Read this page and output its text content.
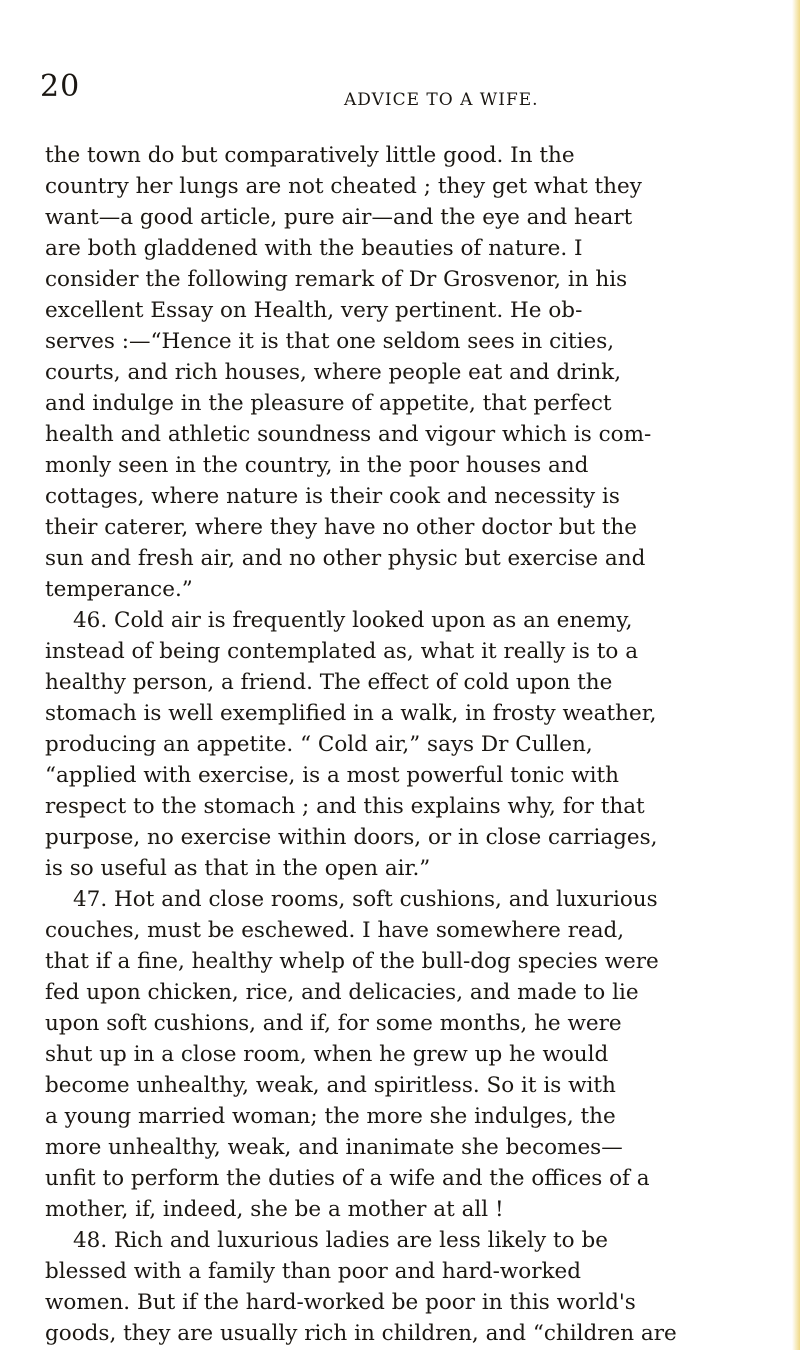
20	ADVICE TO A WIFE.
the town do but comparatively little good. In the
country her lungs are not cheated ; they get what they
want—a good article, pure air—and the eye and heart
are both gladdened with the beauties of nature. I
consider the following remark of Dr Grosvenor, in his
excellent Essay on Health, very pertinent. He ob-
serves :—“Hence it is that one seldom sees in cities,
courts, and rich houses, where people eat and drink,
and indulge in the pleasure of appetite, that perfect
health and athletic soundness and vigour which is com-
monly seen in the country, in the poor houses and
cottages, where nature is their cook and necessity is
their caterer, where they have no other doctor but the
sun and fresh air, and no other physic but exercise and
temperance.”
46. Cold air is frequently looked upon as an enemy,
instead of being contemplated as, what it really is to a
healthy person, a friend. The effect of cold upon the
stomach is well exemplified in a walk, in frosty weather,
producing an appetite. “ Cold air,” says Dr Cullen,
“applied with exercise, is a most powerful tonic with
respect to the stomach ; and this explains why, for that
purpose, no exercise within doors, or in close carriages,
is so useful as that in the open air.”
47. Hot and close rooms, soft cushions, and luxurious
couches, must be eschewed. I have somewhere read,
that if a fine, healthy whelp of the bull-dog species were
fed upon chicken, rice, and delicacies, and made to lie
upon soft cushions, and if, for some months, he were
shut up in a close room, when he grew up he would
become unhealthy, weak, and spiritless. So it is with
a young married woman; the more she indulges, the
more unhealthy, weak, and inanimate she becomes—
unfit to perform the duties of a wife and the offices of a
mother, if, indeed, she be a mother at all !
48. Rich and luxurious ladies are less likely to be
blessed with a family than poor and hard-worked
women. But if the hard-worked be poor in this world's
goods, they are usually rich in children, and “children are
